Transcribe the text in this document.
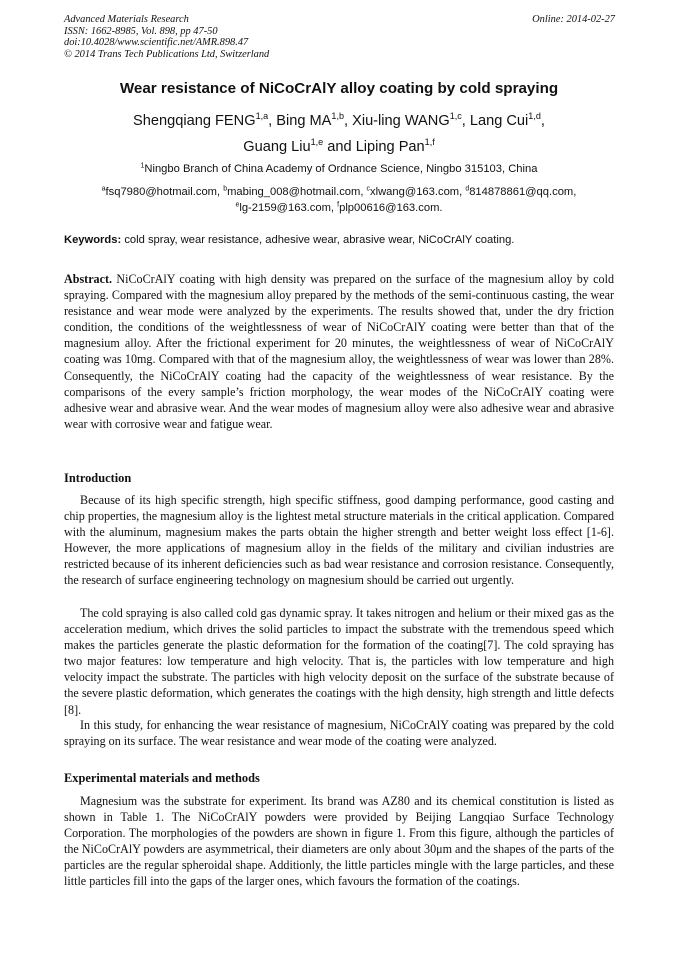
Advanced Materials Research
ISSN: 1662-8985, Vol. 898, pp 47-50
doi:10.4028/www.scientific.net/AMR.898.47
© 2014 Trans Tech Publications Ltd, Switzerland
Online: 2014-02-27
Wear resistance of NiCoCrAlY alloy coating by cold spraying
Shengqiang FENG$^{1,a}$, Bing MA$^{1,b}$, Xiu-ling WANG$^{1,c}$, Lang Cui$^{1,d}$,
Guang Liu$^{1,e}$ and Liping Pan$^{1,f}$
$^1$Ningbo Branch of China Academy of Ordnance Science, Ningbo 315103, China
$^a$fsq7980@hotmail.com, $^b$mabing_008@hotmail.com, $^c$xlwang@163.com, $^d$814878861@qq.com,
$^e$lg-2159@163.com, $^f$plp00616@163.com.
Keywords: cold spray, wear resistance, adhesive wear, abrasive wear, NiCoCrAlY coating.
Abstract. NiCoCrAlY coating with high density was prepared on the surface of the magnesium alloy by cold spraying. Compared with the magnesium alloy prepared by the methods of the semi-continuous casting, the wear resistance and wear mode were analyzed by the experiments. The results showed that, under the dry friction condition, the conditions of the weightlessness of wear of NiCoCrAlY coating were better than that of the magnesium alloy. After the frictional experiment for 20 minutes, the weightlessness of wear of NiCoCrAlY coating was 10mg. Compared with that of the magnesium alloy, the weightlessness of wear was lower than 28%. Consequently, the NiCoCrAlY coating had the capacity of the weightlessness of wear resistance. By the comparisons of the every sample’s friction morphology, the wear modes of the NiCoCrAlY coating were adhesive wear and abrasive wear. And the wear modes of magnesium alloy were also adhesive wear and abrasive wear with corrosive wear and fatigue wear.
Introduction
Because of its high specific strength, high specific stiffness, good damping performance, good casting and chip properties, the magnesium alloy is the lightest metal structure materials in the critical application. Compared with the aluminum, magnesium makes the parts obtain the higher strength and better weight loss effect [1-6]. However, the more applications of magnesium alloy in the fields of the military and civilian industries are restricted because of its inherent deficiencies such as bad wear resistance and corrosion resistance. Consequently, the research of surface engineering technology on magnesium should be carried out urgently.
The cold spraying is also called cold gas dynamic spray. It takes nitrogen and helium or their mixed gas as the acceleration medium, which drives the solid particles to impact the substrate with the tremendous speed which makes the particles generate the plastic deformation for the formation of the coating[7]. The cold spraying has two major features: low temperature and high velocity. That is, the particles with low temperature and high velocity impact the substrate. The particles with high velocity deposit on the surface of the substrate because of the severe plastic deformation, which generates the coatings with the high density, high strength and little defects [8].
In this study, for enhancing the wear resistance of magnesium, NiCoCrAlY coating was prepared by the cold spraying on its surface. The wear resistance and wear mode of the coating were analyzed.
Experimental materials and methods
Magnesium was the substrate for experiment. Its brand was AZ80 and its chemical constitution is listed as shown in Table 1. The NiCoCrAlY powders were provided by Beijing Langqiao Surface Technology Corporation. The morphologies of the powders are shown in figure 1. From this figure, although the particles of the NiCoCrAlY powders are asymmetrical, their diameters are only about 30μm and the shapes of the parts of the particles are the regular spheroidal shape. Additionly, the little particles mingle with the large particles, and these little particles fill into the gaps of the larger ones, which favours the formation of the coatings.
